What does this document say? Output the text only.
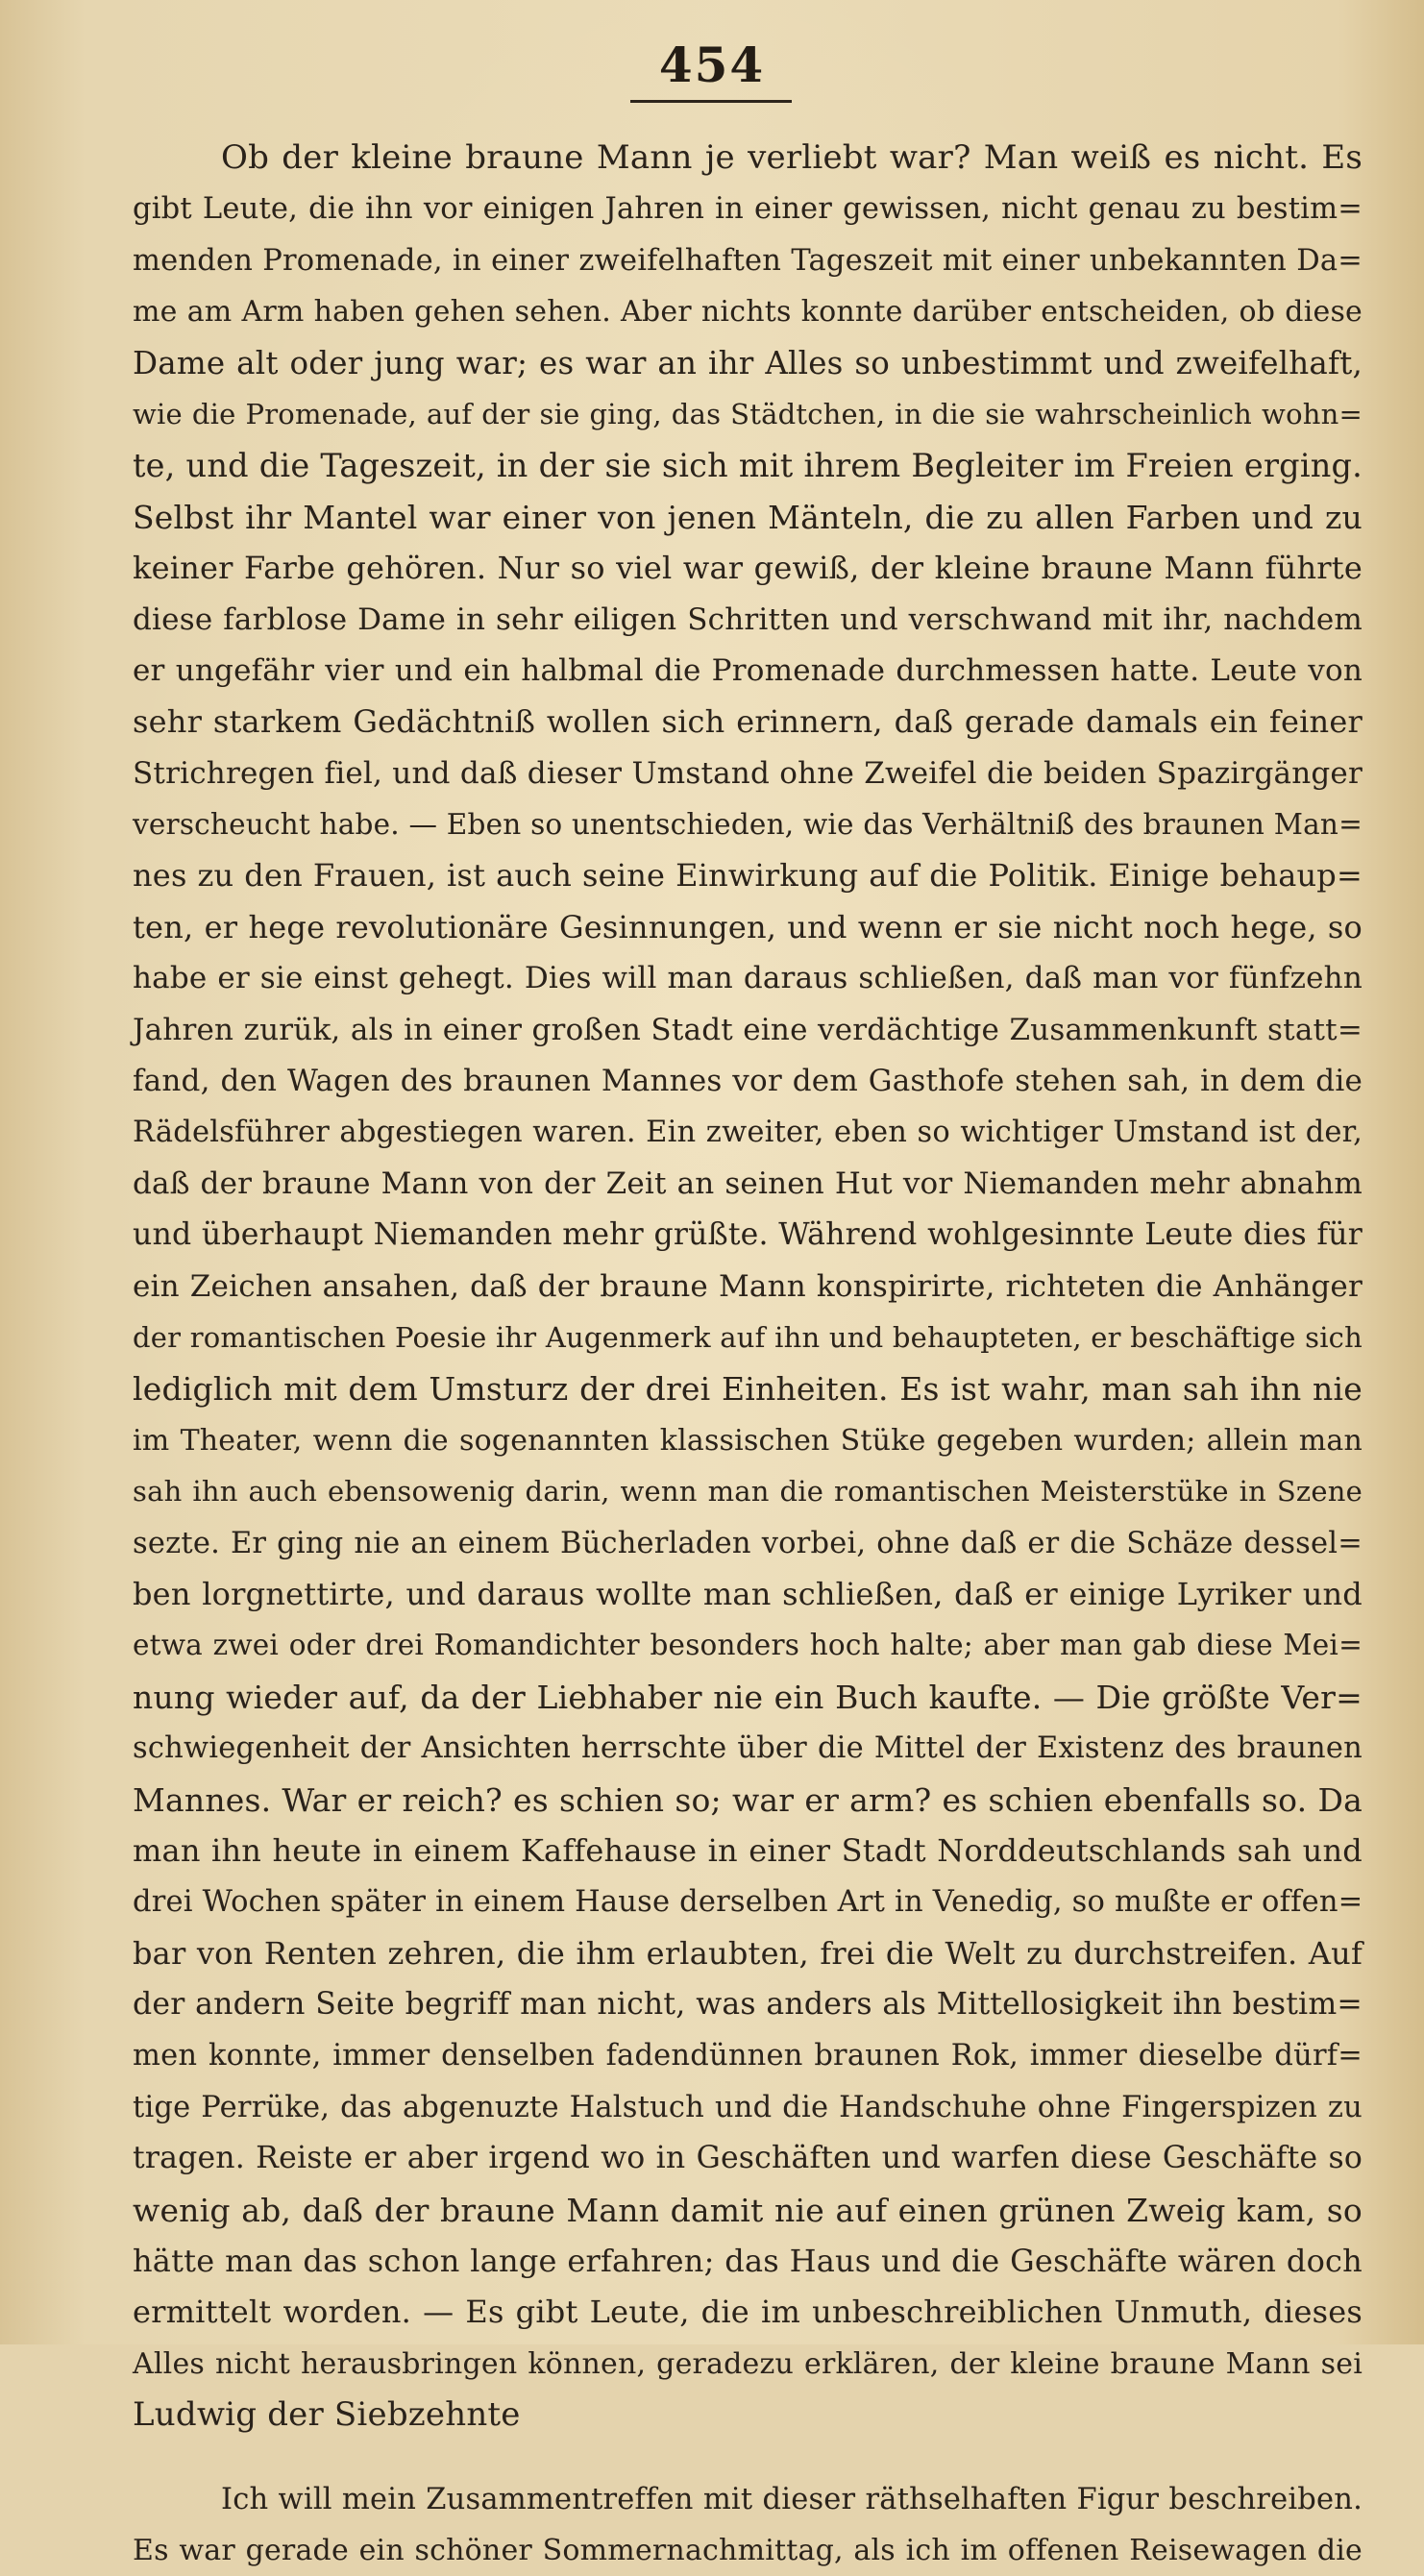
454
Ob der kleine braune Mann je verliebt war? Man weiß es nicht. Es
gibt Leute, die ihn vor einigen Jahren in einer gewissen, nicht genau zu bestim=
menden Promenade, in einer zweifelhaften Tageszeit mit einer unbekannten Da=
me am Arm haben gehen sehen. Aber nichts konnte darüber entscheiden, ob diese
Dame alt oder jung war; es war an ihr Alles so unbestimmt und zweifelhaft,
wie die Promenade, auf der sie ging, das Städtchen, in die sie wahrscheinlich wohn=
te, und die Tageszeit, in der sie sich mit ihrem Begleiter im Freien erging.
Selbst ihr Mantel war einer von jenen Mänteln, die zu allen Farben und zu
keiner Farbe gehören. Nur so viel war gewiß, der kleine braune Mann führte
diese farblose Dame in sehr eiligen Schritten und verschwand mit ihr, nachdem
er ungefähr vier und ein halbmal die Promenade durchmessen hatte. Leute von
sehr starkem Gedächtniß wollen sich erinnern, daß gerade damals ein feiner
Strichregen fiel, und daß dieser Umstand ohne Zweifel die beiden Spazirgänger
verscheucht habe. — Eben so unentschieden, wie das Verhältniß des braunen Man=
nes zu den Frauen, ist auch seine Einwirkung auf die Politik. Einige behaup=
ten, er hege revolutionäre Gesinnungen, und wenn er sie nicht noch hege, so
habe er sie einst gehegt. Dies will man daraus schließen, daß man vor fünfzehn
Jahren zurük, als in einer großen Stadt eine verdächtige Zusammenkunft statt=
fand, den Wagen des braunen Mannes vor dem Gasthofe stehen sah, in dem die
Rädelsführer abgestiegen waren. Ein zweiter, eben so wichtiger Umstand ist der,
daß der braune Mann von der Zeit an seinen Hut vor Niemanden mehr abnahm
und überhaupt Niemanden mehr grüßte. Während wohlgesinnte Leute dies für
ein Zeichen ansahen, daß der braune Mann konspirirte, richteten die Anhänger
der romantischen Poesie ihr Augenmerk auf ihn und behaupteten, er beschäftige sich
lediglich mit dem Umsturz der drei Einheiten. Es ist wahr, man sah ihn nie
im Theater, wenn die sogenannten klassischen Stüke gegeben wurden; allein man
sah ihn auch ebensowenig darin, wenn man die romantischen Meisterstüke in Szene
sezte. Er ging nie an einem Bücherladen vorbei, ohne daß er die Schäze dessel=
ben lorgnettirte, und daraus wollte man schließen, daß er einige Lyriker und
etwa zwei oder drei Romandichter besonders hoch halte; aber man gab diese Mei=
nung wieder auf, da der Liebhaber nie ein Buch kaufte. — Die größte Ver=
schwiegenheit der Ansichten herrschte über die Mittel der Existenz des braunen
Mannes. War er reich? es schien so; war er arm? es schien ebenfalls so. Da
man ihn heute in einem Kaffehause in einer Stadt Norddeutschlands sah und
drei Wochen später in einem Hause derselben Art in Venedig, so mußte er offen=
bar von Renten zehren, die ihm erlaubten, frei die Welt zu durchstreifen. Auf
der andern Seite begriff man nicht, was anders als Mittellosigkeit ihn bestim=
men konnte, immer denselben fadendünnen braunen Rok, immer dieselbe dürf=
tige Perrüke, das abgenuzte Halstuch und die Handschuhe ohne Fingerspizen zu
tragen. Reiste er aber irgend wo in Geschäften und warfen diese Geschäfte so
wenig ab, daß der braune Mann damit nie auf einen grünen Zweig kam, so
hätte man das schon lange erfahren; das Haus und die Geschäfte wären doch
ermittelt worden. — Es gibt Leute, die im unbeschreiblichen Unmuth, dieses
Alles nicht herausbringen können, geradezu erklären, der kleine braune Mann sei
Ludwig der Siebzehnte
Ich will mein Zusammentreffen mit dieser räthselhaften Figur beschreiben.
Es war gerade ein schöner Sommernachmittag, als ich im offenen Reisewagen die
